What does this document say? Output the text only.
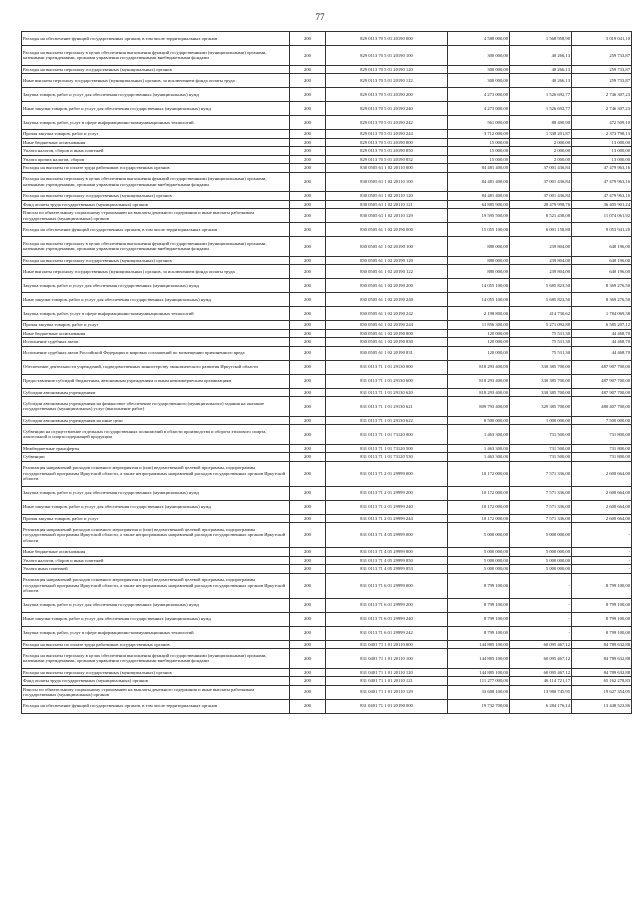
77
Расходы на обеспечение функций государственных органов, в том числе территориальных органов	200	829 0113 70 5 01 20190 000	4 588 000,00	1 568 958,90	3 019 041,10
Расходы на выплаты персоналу в целях обеспечения выполнения функций государственными (муниципальными) органами, казенными учреждениями, органами управления государственными внебюджетными фондами	200	829 0113 70 5 01 20190 100	300 000,00	40 266,13	259 733,87
Расходы на выплаты персоналу государственных (муниципальных) органов	200	829 0113 70 5 01 20190 120	300 000,00	40 266,13	259 733,87
Иные выплаты персоналу государственных (муниципальных) органов, за исключением фонда оплаты труда	200	829 0113 70 5 01 20190 122	300 000,00	40 266,13	259 733,87
Закупка товаров, работ и услуг для обеспечения государственных (муниципальных) нужд	200	829 0113 70 5 01 20190 200	4 273 000,00	1 526 692,77	2 746 307,23
Иные закупки товаров, работ и услуг для обеспечения государственных (муниципальных) нужд	200	829 0113 70 5 01 20190 240	4 273 000,00	1 526 692,77	2 746 307,23
Закупка товаров, работ, услуг в сфере информационно-коммуникационных технологий	200	829 0113 70 5 01 20190 242	561 000,00	88 490,90	472 509,10
Прочая закупка товаров, работ и услуг	200	829 0113 70 5 01 20190 244	3 712 000,00	1 338 201,87	2 373 798,13
Иные бюджетные ассигнования	200	829 0113 70 5 01 20190 800	15 000,00	2 000,00	13 000,00
Уплата налогов, сборов и иных платежей	200	829 0113 70 5 01 20190 850	15 000,00	2 000,00	13 000,00
Уплата прочих налогов, сборов	200	829 0113 70 5 01 20190 852	15 000,00	2 000,00	13 000,00
Расходы на выплаты по оплате труда работников государственных органов	200	830 0505 61 1 02 20110 000	84 481 400,00	37 001 436,84	47 479 963,16
Расходы на выплаты персоналу в целях обеспечения выполнения функций государственными (муниципальными) органами, казенными учреждениями, органами управления государственными внебюджетными фондами	200	830 0505 61 1 02 20110 100	84 481 400,00	37 001 436,84	47 479 963,16
Расходы на выплаты персоналу государственных (муниципальных) органов	200	830 0505 61 1 02 20110 120	84 481 400,00	37 001 436,84	47 479 963,16
Фонд оплаты труда государственных (муниципальных) органов	200	830 0505 61 1 02 20110 121	64 885 900,00	28 479 998,76	36 405 901,24
Взносы по обязательному социальному страхованию на выплаты денежного содержания и иные выплаты работникам государственных (муниципальных) органов	200	830 0505 61 1 02 20110 129	19 595 500,00	8 521 438,08	11 074 061,92
Расходы на обеспечение функций государственных органов, в том числе территориальных органов	200	830 0505 61 1 02 20190 000	15 055 100,00	6 001 158,80	9 053 941,20
Расходы на выплаты персоналу в целях обеспечения выполнения функций государственными (муниципальными) органами, казенными учреждениями, органами управления государственными внебюджетными фондами	200	830 0505 61 1 02 20190 100	880 000,00	239 804,00	640 196,00
Расходы на выплаты персоналу государственных (муниципальных) органов	200	830 0505 61 1 02 20190 120	880 000,00	239 804,00	640 196,00
Иные выплаты персоналу государственных (муниципальных) органов, за исключением фонда оплаты труда	200	830 0505 61 1 02 20190 122	880 000,00	239 804,00	640 196,00
Закупка товаров, работ и услуг для обеспечения государственных (муниципальных) нужд	200	830 0505 61 1 02 20190 200	14 055 100,00	5 685 823,50	8 369 276,50
Иные закупки товаров, работ и услуг для обеспечения государственных (муниципальных) нужд	200	830 0505 61 1 02 20190 240	14 055 100,00	5 685 823,50	8 369 276,50
Закупка товаров, работ, услуг в сфере информационно-коммуникационных технологий	200	830 0505 61 1 02 20190 242	2 198 800,00	414 730,62	1 784 069,38
Прочая закупка товаров, работ и услуг	200	830 0505 61 1 02 20190 244	11 856 300,00	5 271 092,88	6 585 207,12
Иные бюджетные ассигнования	200	830 0505 61 1 02 20190 800	120 000,00	75 531,30	44 468,70
Исполнение судебных актов	200	830 0505 61 1 02 20190 830	120 000,00	75 531,30	44 468,70
Исполнение судебных актов Российской Федерации и мировых соглашений по возмещению причиненного вреда	200	830 0505 61 1 02 20190 831	120 000,00	75 531,30	44 468,70
Обеспечение деятельности учреждений, подведомственных министерству экономического развития Иркутской области	200	831 0113 71 1 01 29130 000	818 293 400,00	330 385 700,00	487 907 700,00
Предоставление субсидий бюджетным, автономным учреждениям и иным некоммерческим организациям	200	831 0113 71 1 01 29130 600	818 293 400,00	330 385 700,00	487 907 700,00
Субсидии автономным учреждениям	200	831 0113 71 1 01 29130 620	818 293 400,00	330 385 700,00	487 907 700,00
Субсидии автономным учреждениям на финансовое обеспечение государственного (муниципального) задания на оказание государственных (муниципальных) услуг (выполнение работ)	200	831 0113 71 1 01 29130 621	809 793 400,00	329 385 700,00	480 407 700,00
Субсидии автономным учреждениям на иные цели	200	831 0113 71 1 01 29130 622	8 500 000,00	1 000 000,00	7 500 000,00
Субвенции на осуществление отдельных государственных полномочий в области производства и оборота этилового спирта, алкогольной и спиртосодержащей продукции	200	831 0113 71 1 01 73120 000	1 463 300,00	731 500,00	731 800,00
Межбюджетные трансферты	200	831 0113 71 1 01 73120 500	1 463 300,00	731 500,00	731 800,00
Субвенции	200	831 0113 71 1 01 73120 530	1 463 300,00	731 500,00	731 800,00
Реализация направлений расходов основного мероприятия и (или) ведомственной целевой программы, подпрограммы государственной программы Иркутской области, а также непрограммных направлений расходов государственных органов Иркутской области	200	831 0113 71 2 01 29999 000	10 172 000,00	7 571 336,00	2 600 664,00
Закупка товаров, работ и услуг для обеспечения государственных (муниципальных) нужд	200	831 0113 71 2 01 29999 200	10 172 000,00	7 571 336,00	2 600 664,00
Иные закупки товаров, работ и услуг для обеспечения государственных (муниципальных) нужд	200	831 0113 71 2 01 29999 240	10 172 000,00	7 571 336,00	2 600 664,00
Прочая закупка товаров, работ и услуг	200	831 0113 71 2 01 29999 244	10 172 000,00	7 571 336,00	2 600 664,00
Реализация направлений расходов основного мероприятия и (или) ведомственной целевой программы, подпрограммы государственной программы Иркутской области, а также непрограммных направлений расходов государственных органов Иркутской области	200	831 0113 71 4 05 29999 000	5 000 000,00	5 000 000,00	-
Иные бюджетные ассигнования	200	831 0113 71 4 05 29999 800	5 000 000,00	5 000 000,00	-
Уплата налогов, сборов и иных платежей	200	831 0113 71 4 05 29999 850	5 000 000,00	5 000 000,00	-
Уплата иных платежей	200	831 0113 71 4 05 29999 853	5 000 000,00	5 000 000,00	-
Реализация направлений расходов основного мероприятия и (или) ведомственной целевой программы, подпрограммы государственной программы Иркутской области, а также непрограммных направлений расходов государственных органов Иркутской области	200	831 0113 71 6 01 29999 000	8 799 100,00	-	8 799 100,00
Закупка товаров, работ и услуг для обеспечения государственных (муниципальных) нужд	200	831 0113 71 6 01 29999 200	8 799 100,00	-	8 799 100,00
Иные закупки товаров, работ и услуг для обеспечения государственных (муниципальных) нужд	200	831 0113 71 6 01 29999 240	8 799 100,00	-	8 799 100,00
Закупка товаров, работ, услуг в сфере информационно-коммуникационных технологий	200	831 0113 71 6 01 29999 242	8 799 100,00	-	8 799 100,00
Расходы на выплаты по оплате труда работников государственных органов	200	831 0401 71 1 01 20110 000	144 885 100,00	60 095 467,12	84 789 632,88
Расходы на выплаты персоналу в целях обеспечения выполнения функций государственными (муниципальными) органами, казенными учреждениями, органами управления государственными внебюджетными фондами	200	831 0401 71 1 01 20110 100	144 885 100,00	60 095 467,12	84 789 632,88
Расходы на выплаты персоналу государственных (муниципальных) органов	200	831 0401 71 1 01 20110 120	144 885 100,00	60 095 467,12	84 789 632,88
Фонд оплаты труда государственных (муниципальных) органов	200	831 0401 71 1 01 20110 121	111 277 000,00	46 114 721,17	65 162 278,83
Взносы по обязательному социальному страхованию на выплаты денежного содержания и иные выплаты работникам государственных (муниципальных) органов	200	831 0401 71 1 01 20110 129	33 608 100,00	13 980 745,95	19 627 354,05
Расходы на обеспечение функций государственных органов, в том числе территориальных органов	200	831 0401 71 1 01 20190 000	19 732 700,00	6 284 176,14	13 448 523,86
